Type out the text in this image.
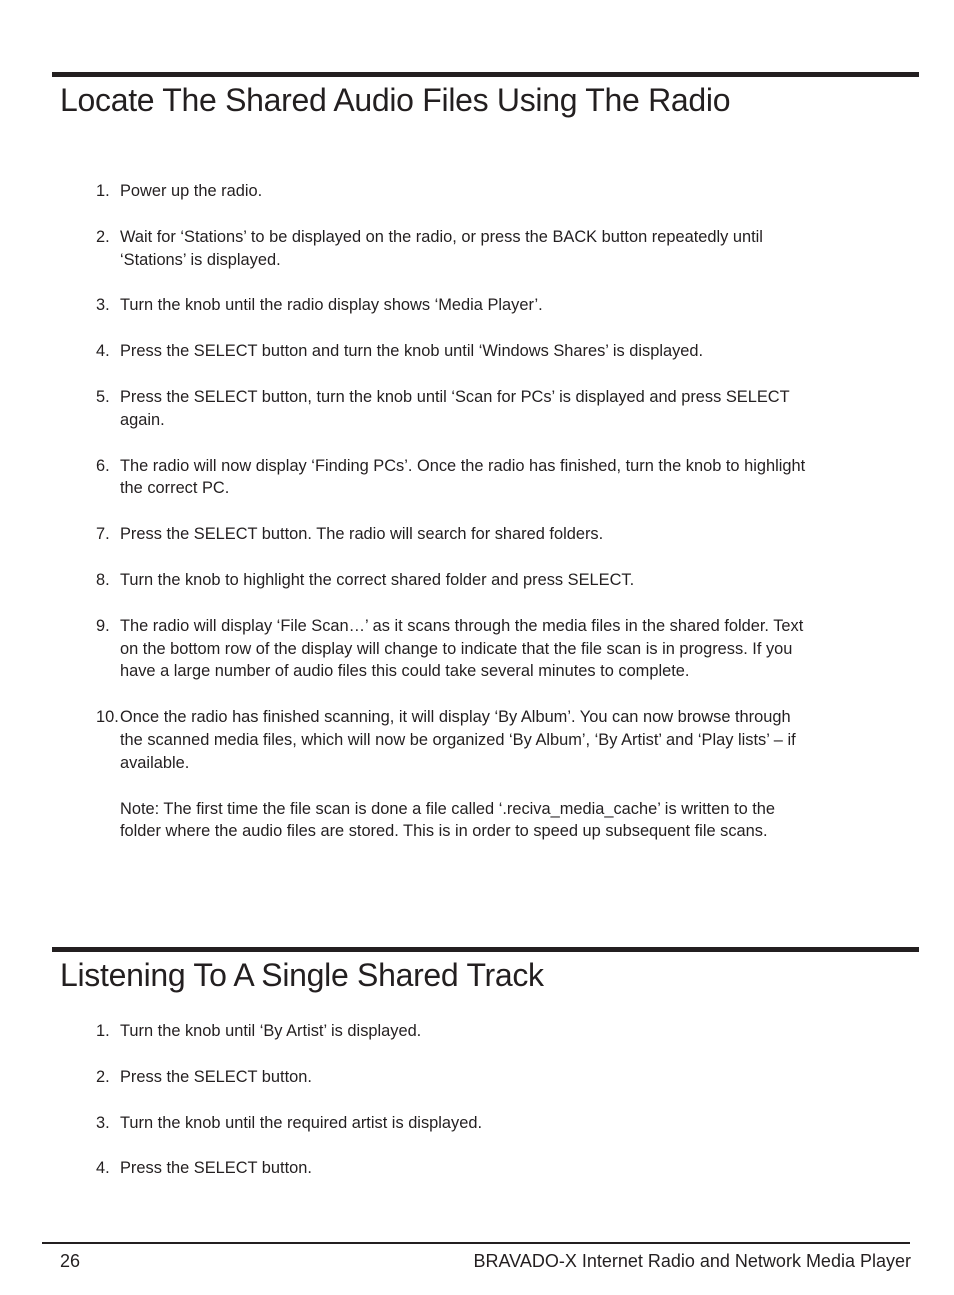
Locate The Shared Audio Files Using The Radio
1. Power up the radio.
2. Wait for ‘Stations’ to be displayed on the radio, or press the BACK button repeatedly until ‘Stations’ is displayed.
3. Turn the knob until the radio display shows ‘Media Player’.
4. Press the SELECT button and turn the knob until ‘Windows Shares’ is displayed.
5. Press the SELECT button, turn the knob until ‘Scan for PCs’ is displayed and press SELECT again.
6. The radio will now display ‘Finding PCs’. Once the radio has finished, turn the knob to highlight the correct PC.
7. Press the SELECT button. The radio will search for shared folders.
8. Turn the knob to highlight the correct shared folder and press SELECT.
9. The radio will display ‘File Scan…’ as it scans through the media files in the shared folder. Text on the bottom row of the display will change to indicate that the file scan is in progress. If you have a large number of audio files this could take several minutes to complete.
10. Once the radio has finished scanning, it will display ‘By Album’. You can now browse through the scanned media files, which will now be organized ‘By Album’, ‘By Artist’ and ‘Play lists’ – if available.
Note: The first time the file scan is done a file called ‘.reciva_media_cache’ is written to the folder where the audio files are stored. This is in order to speed up subsequent file scans.
Listening To A Single Shared Track
1. Turn the knob until ‘By Artist’ is displayed.
2. Press the SELECT button.
3. Turn the knob until the required artist is displayed.
4. Press the SELECT button.
26	BRAVADO-X Internet Radio and Network Media Player
